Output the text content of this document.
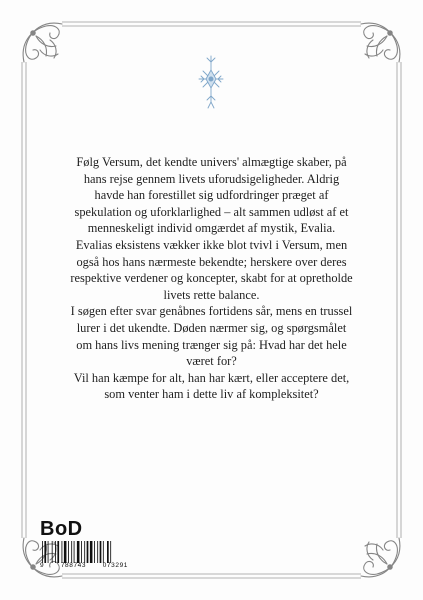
Følg Versum, det kendte univers' almægtige skaber, på hans rejse gennem livets uforudsigeligheder. Aldrig havde han forestillet sig udfordringer præget af spekulation og uforklarlighed – alt sammen udløst af et menneskeligt individ omgærdet af mystik, Evalia.

Evalias eksistens vækker ikke blot tvivl i Versum, men også hos hans nærmeste bekendte; herskere over deres respektive verdener og koncepter, skabt for at opretholde livets rette balance.

I søgen efter svar genåbnes fortidens sår, mens en trussel lurer i det ukendte. Døden nærmer sig, og spørgsmålet om hans livs mening trænger sig på: Hvad har det hele været for?

Vil han kæmpe for alt, han har kært, eller acceptere det, som venter ham i dette liv af kompleksitet?

BoD
9	788743	073291
